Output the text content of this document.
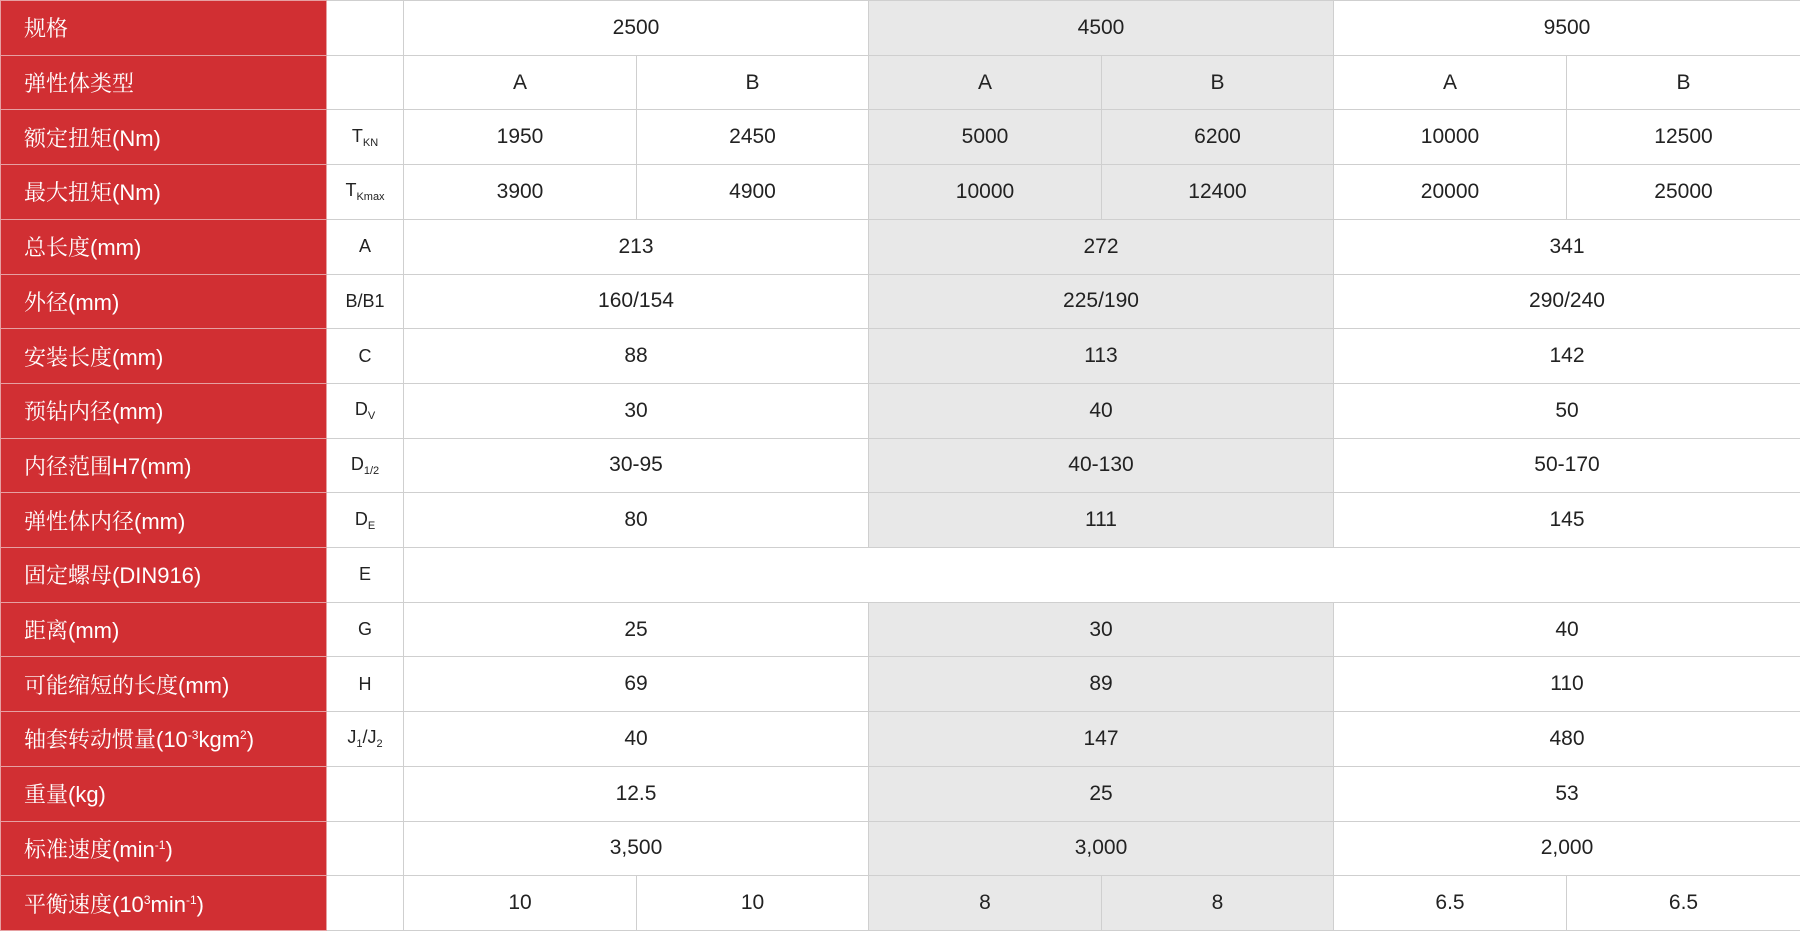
规格		2500		4500		9500	
弹性体类型		A	B	A	B	A	B
额定扭矩(Nm)	$T_{KN}$	1950	2450	5000	6200	10000	12500
最大扭矩(Nm)	$T_{Kmax}$	3900	4900	10000	12400	20000	25000
总长度(mm)	A	213		272		341	
外径(mm)	B/B1	160/154		225/190		290/240	
安装长度(mm)	C	88		113		142	
预钻内径(mm)	$D_V$	30		40		50	
内径范围H7(mm)	$D_{1/2}$	30-95		40-130		50-170	
弹性体内径(mm)	$D_E$	80		111		145	
固定螺母(DIN916)	E						
距离(mm)	G	25		30		40	
可能缩短的长度(mm)	H	69		89		110	
轴套转动惯量$(10^{-3}kgm^2)$	$J_1/J_2$	40		147		480	
重量(kg)		12.5		25		53	
标准速度$(\min^{-1})$		3,500		3,000		2,000	
平衡速度$(10^3\min^{-1})$		10	10	8	8	6.5	6.5
